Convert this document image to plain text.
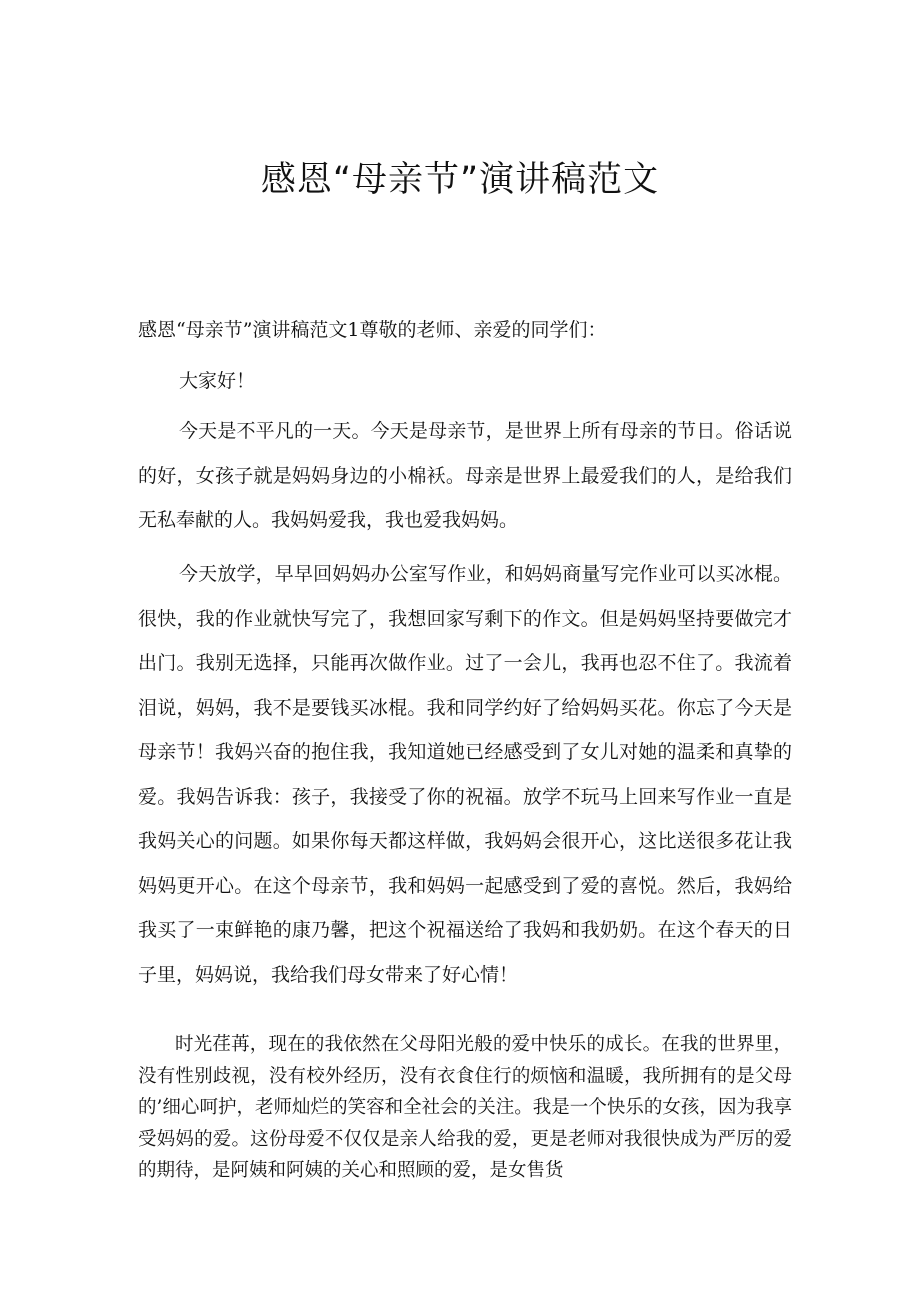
感恩“母亲节”演讲稿范文

感恩“母亲节”演讲稿范文1尊敬的老师、亲爱的同学们：

大家好！

今天是不平凡的一天。今天是母亲节，是世界上所有母亲的节日。俗话说的好，女孩子就是妈妈身边的小棉袄。母亲是世界上最爱我们的人，是给我们无私奉献的人。我妈妈爱我，我也爱我妈妈。

今天放学，早早回妈妈办公室写作业，和妈妈商量写完作业可以买冰棍。很快，我的作业就快写完了，我想回家写剩下的作文。但是妈妈坚持要做完才出门。我别无选择，只能再次做作业。过了一会儿，我再也忍不住了。我流着泪说，妈妈，我不是要钱买冰棍。我和同学约好了给妈妈买花。你忘了今天是母亲节！我妈兴奋的抱住我，我知道她已经感受到了女儿对她的温柔和真挚的爱。我妈告诉我：孩子，我接受了你的祝福。放学不玩马上回来写作业一直是我妈关心的问题。如果你每天都这样做，我妈妈会很开心，这比送很多花让我妈妈更开心。在这个母亲节，我和妈妈一起感受到了爱的喜悦。然后，我妈给我买了一束鲜艳的康乃馨，把这个祝福送给了我妈和我奶奶。在这个春天的日子里，妈妈说，我给我们母女带来了好心情！

时光荏苒，现在的我依然在父母阳光般的爱中快乐的成长。在我的世界里，没有性别歧视，没有校外经历，没有衣食住行的烦恼和温暖，我所拥有的是父母的’细心呵护，老师灿烂的笑容和全社会的关注。我是一个快乐的女孩，因为我享受妈妈的爱。这份母爱不仅仅是亲人给我的爱，更是老师对我很快成为严厉的爱的期待，是阿姨和阿姨的关心和照顾的爱，是女售货
